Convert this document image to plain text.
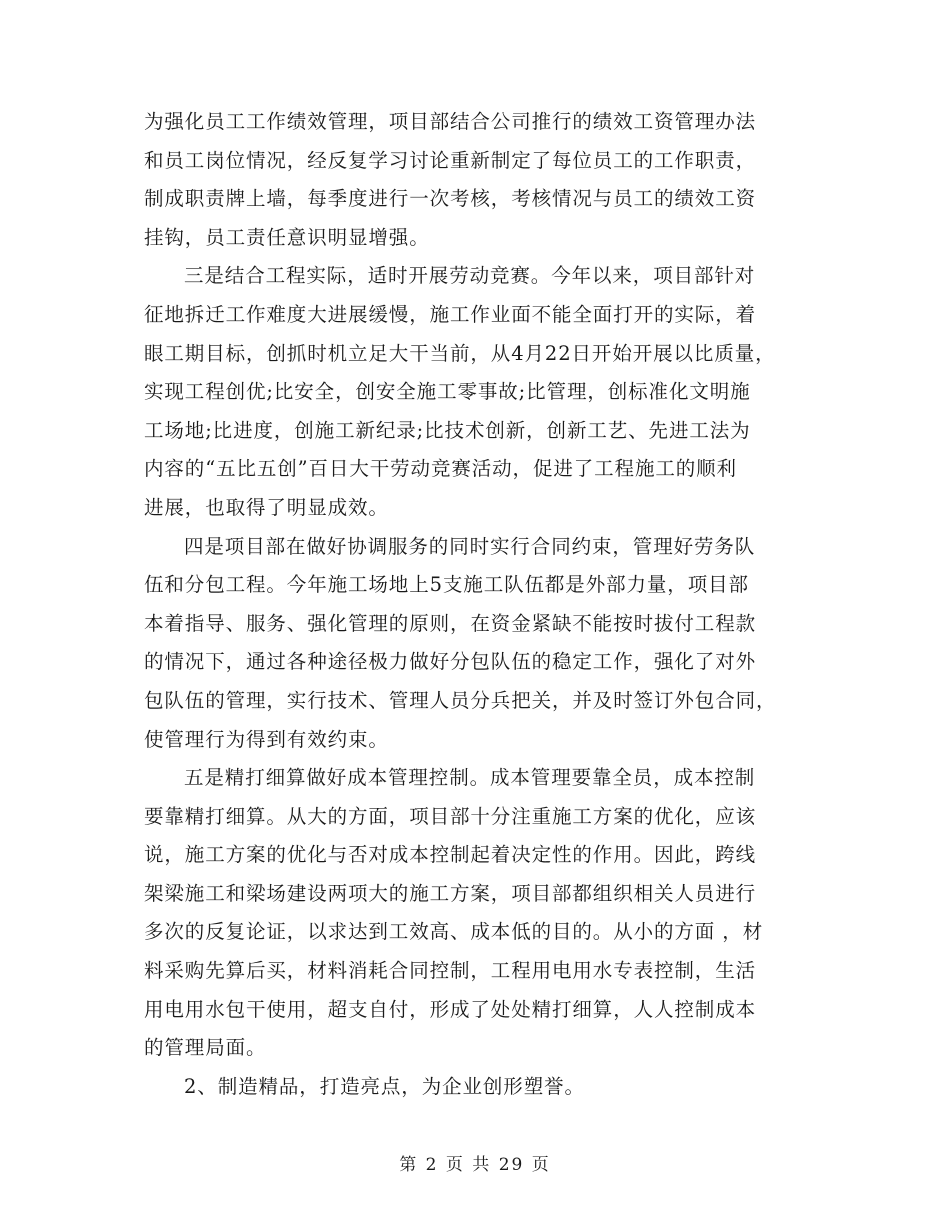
为强化员工工作绩效管理，项目部结合公司推行的绩效工资管理办法
和员工岗位情况，经反复学习讨论重新制定了每位员工的工作职责，
制成职责牌上墙，每季度进行一次考核，考核情况与员工的绩效工资
挂钩，员工责任意识明显增强。
三是结合工程实际，适时开展劳动竞赛。今年以来，项目部针对
征地拆迁工作难度大进展缓慢，施工作业面不能全面打开的实际，着
眼工期目标，创抓时机立足大干当前，从4月22日开始开展以比质量，
实现工程创优;比安全，创安全施工零事故;比管理，创标准化文明施
工场地;比进度，创施工新纪录;比技术创新，创新工艺、先进工法为
内容的“五比五创”百日大干劳动竞赛活动，促进了工程施工的顺利
进展，也取得了明显成效。
四是项目部在做好协调服务的同时实行合同约束，管理好劳务队
伍和分包工程。今年施工场地上5支施工队伍都是外部力量，项目部
本着指导、服务、强化管理的原则，在资金紧缺不能按时拔付工程款
的情况下，通过各种途径极力做好分包队伍的稳定工作，强化了对外
包队伍的管理，实行技术、管理人员分兵把关，并及时签订外包合同，
使管理行为得到有效约束。
五是精打细算做好成本管理控制。成本管理要靠全员，成本控制
要靠精打细算。从大的方面，项目部十分注重施工方案的优化，应该
说，施工方案的优化与否对成本控制起着决定性的作用。因此，跨线
架梁施工和梁场建设两项大的施工方案，项目部都组织相关人员进行
多次的反复论证，以求达到工效高、成本低的目的。从小的方面 ，材
料采购先算后买，材料消耗合同控制，工程用电用水专表控制，生活
用电用水包干使用，超支自付，形成了处处精打细算，人人控制成本
的管理局面。
2、制造精品，打造亮点，为企业创形塑誉。
第 2 页 共 29 页
